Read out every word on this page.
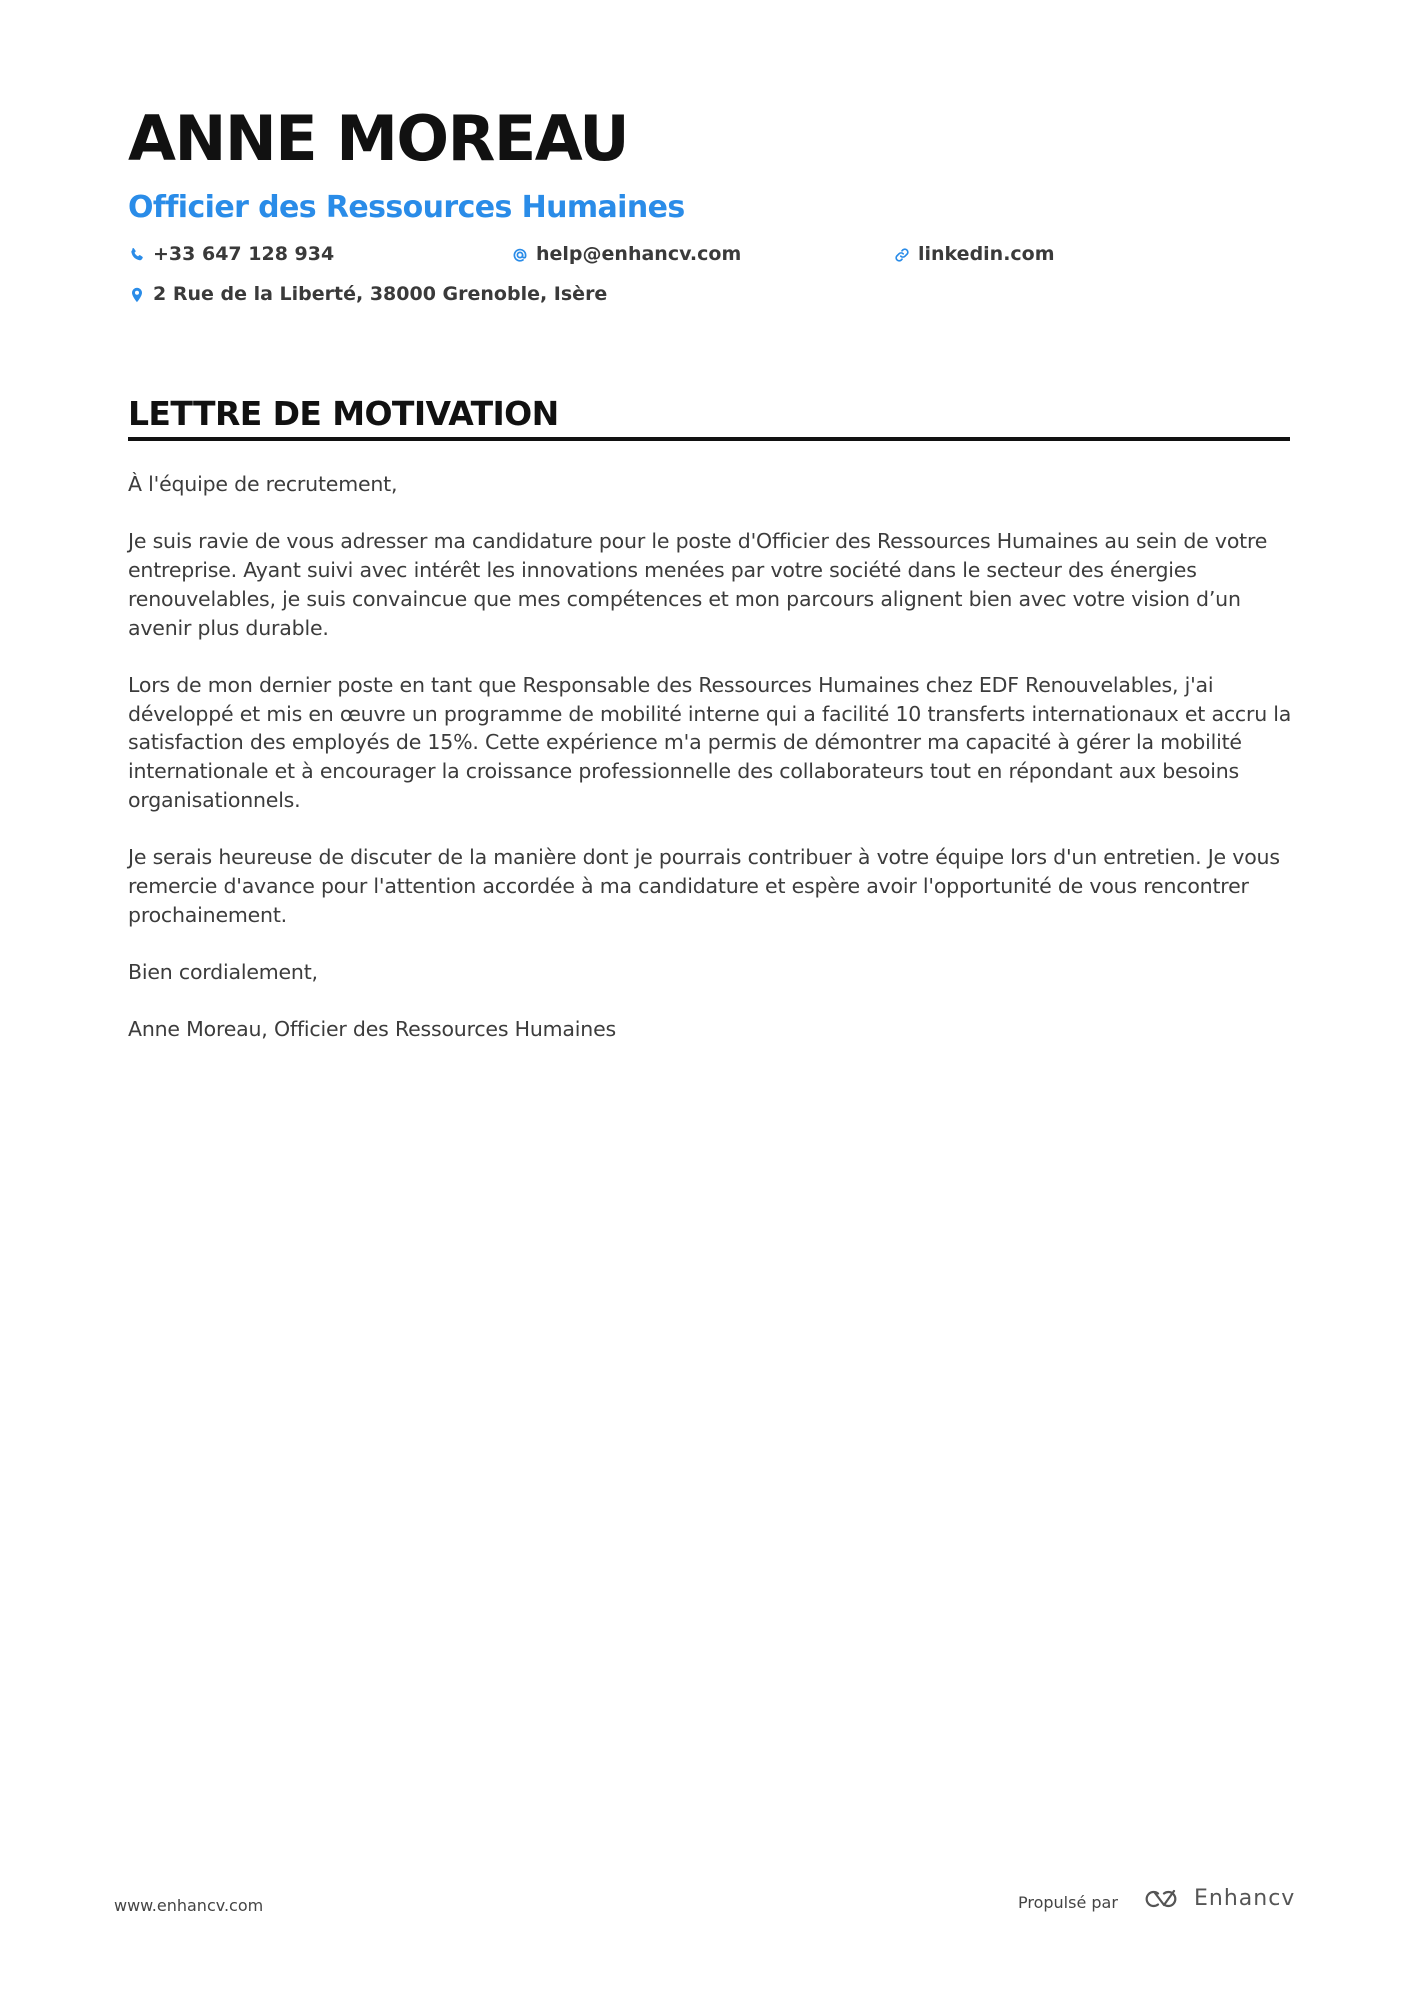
ANNE MOREAU
Officier des Ressources Humaines
+33 647 128 934	help@enhancv.com	linkedin.com
2 Rue de la Liberté, 38000 Grenoble, Isère
LETTRE DE MOTIVATION

À l'équipe de recrutement,

Je suis ravie de vous adresser ma candidature pour le poste d'Officier des Ressources Humaines au sein de votre entreprise. Ayant suivi avec intérêt les innovations menées par votre société dans le secteur des énergies renouvelables, je suis convaincue que mes compétences et mon parcours alignent bien avec votre vision d’un avenir plus durable.

Lors de mon dernier poste en tant que Responsable des Ressources Humaines chez EDF Renouvelables, j'ai développé et mis en œuvre un programme de mobilité interne qui a facilité 10 transferts internationaux et accru la satisfaction des employés de 15%. Cette expérience m'a permis de démontrer ma capacité à gérer la mobilité internationale et à encourager la croissance professionnelle des collaborateurs tout en répondant aux besoins organisationnels.

Je serais heureuse de discuter de la manière dont je pourrais contribuer à votre équipe lors d'un entretien. Je vous remercie d'avance pour l'attention accordée à ma candidature et espère avoir l'opportunité de vous rencontrer prochainement.

Bien cordialement,

Anne Moreau, Officier des Ressources Humaines

www.enhancv.com	Propulsé par	Enhancv
